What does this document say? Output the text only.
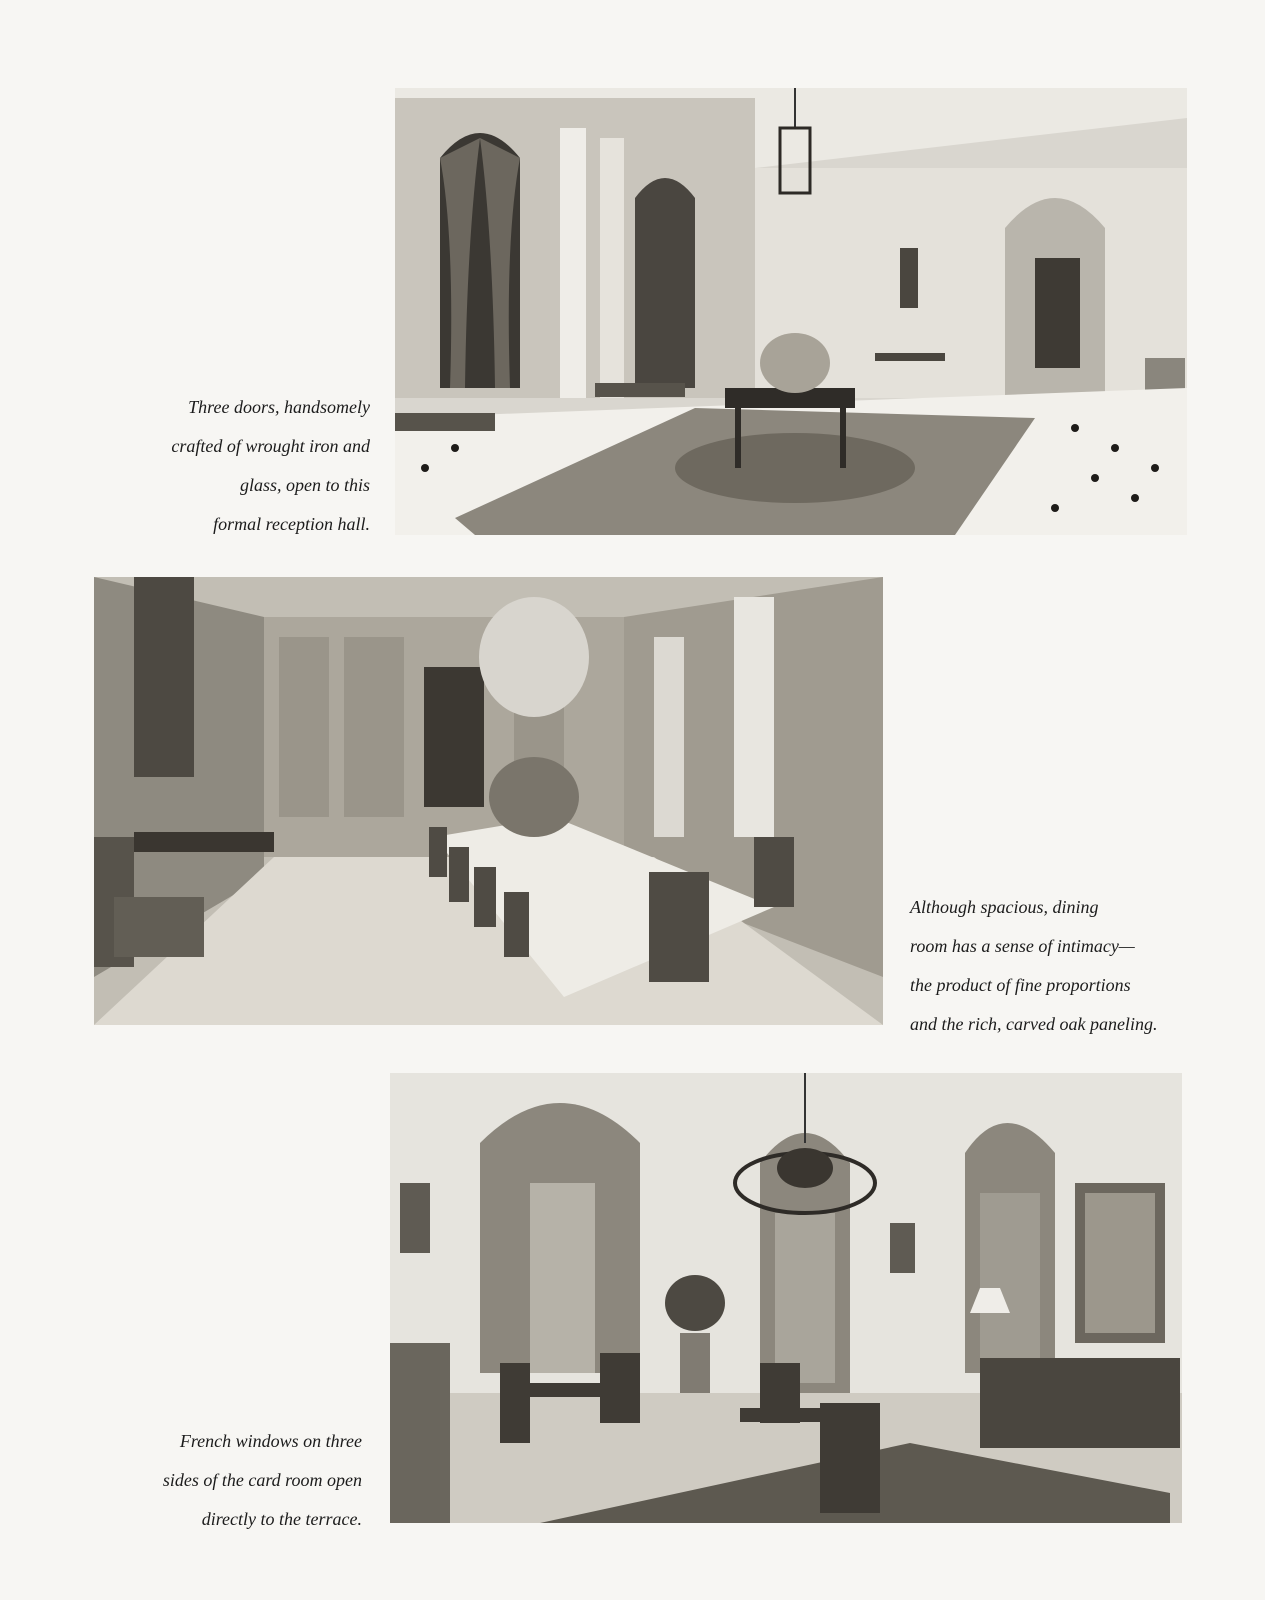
Three doors, handsomely
crafted of wrought iron and
glass, open to this
formal reception hall.
Although spacious, dining
room has a sense of intimacy—
the product of fine proportions
and the rich, carved oak paneling.
French windows on three
sides of the card room open
directly to the terrace.
